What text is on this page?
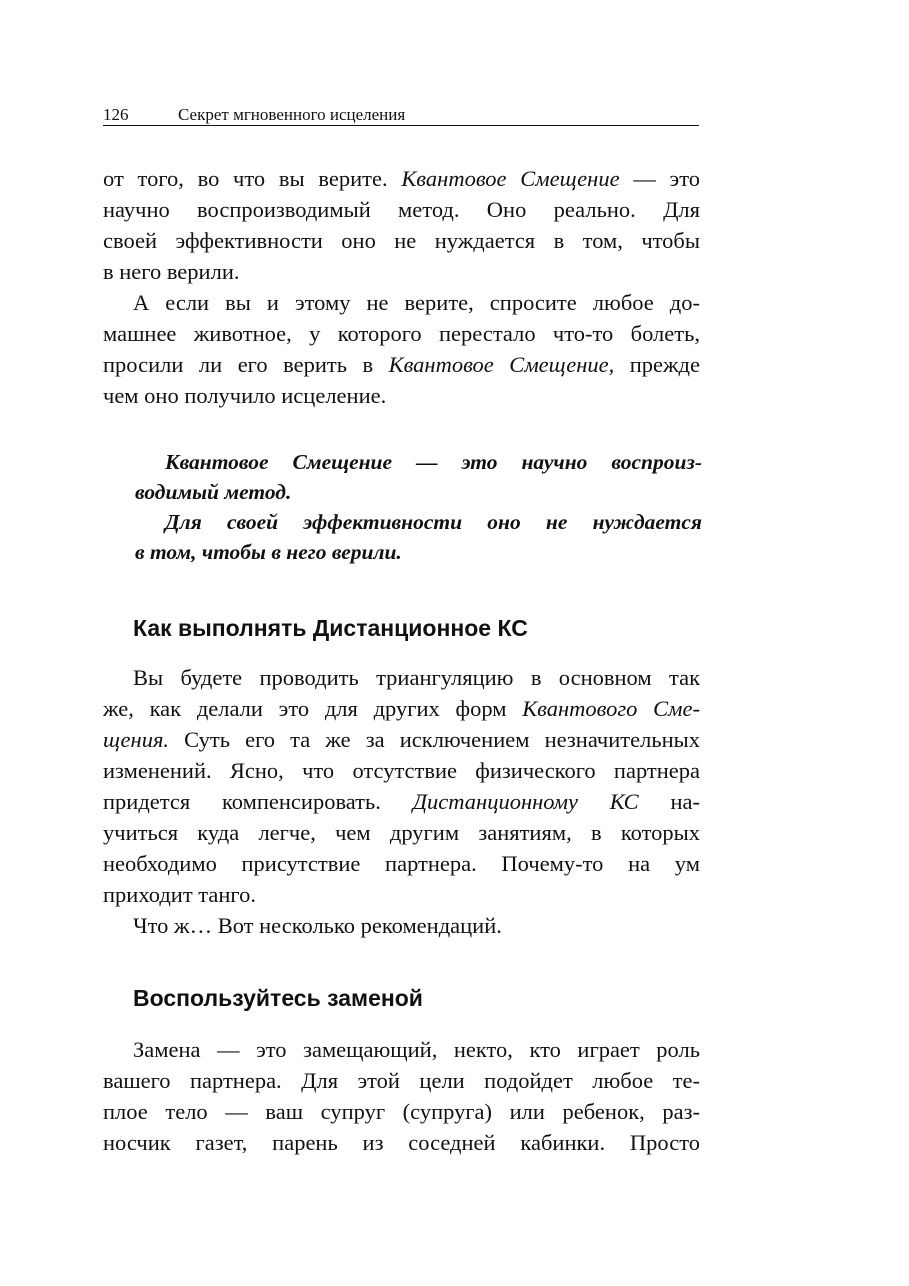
126	Секрет мгновенного исцеления
от того, во что вы верите. Квантовое Смещение — это
научно воспроизводимый метод. Оно реально. Для
своей эффективности оно не нуждается в том, чтобы
в него верили.
А если вы и этому не верите, спросите любое до-
машнее животное, у которого перестало что-то болеть,
просили ли его верить в Квантовое Смещение, прежде
чем оно получило исцеление.
Квантовое Смещение — это научно воспроиз-
водимый метод.
Для своей эффективности оно не нуждается
в том, чтобы в него верили.
Как выполнять Дистанционное КС
Вы будете проводить триангуляцию в основном так
же, как делали это для других форм Квантового Сме-
щения. Суть его та же за исключением незначительных
изменений. Ясно, что отсутствие физического партнера
придется компенсировать. Дистанционному КС на-
учиться куда легче, чем другим занятиям, в которых
необходимо присутствие партнера. Почему-то на ум
приходит танго.
Что ж… Вот несколько рекомендаций.
Воспользуйтесь заменой
Замена — это замещающий, некто, кто играет роль
вашего партнера. Для этой цели подойдет любое те-
плое тело — ваш супруг (супруга) или ребенок, раз-
носчик газет, парень из соседней кабинки. Просто
